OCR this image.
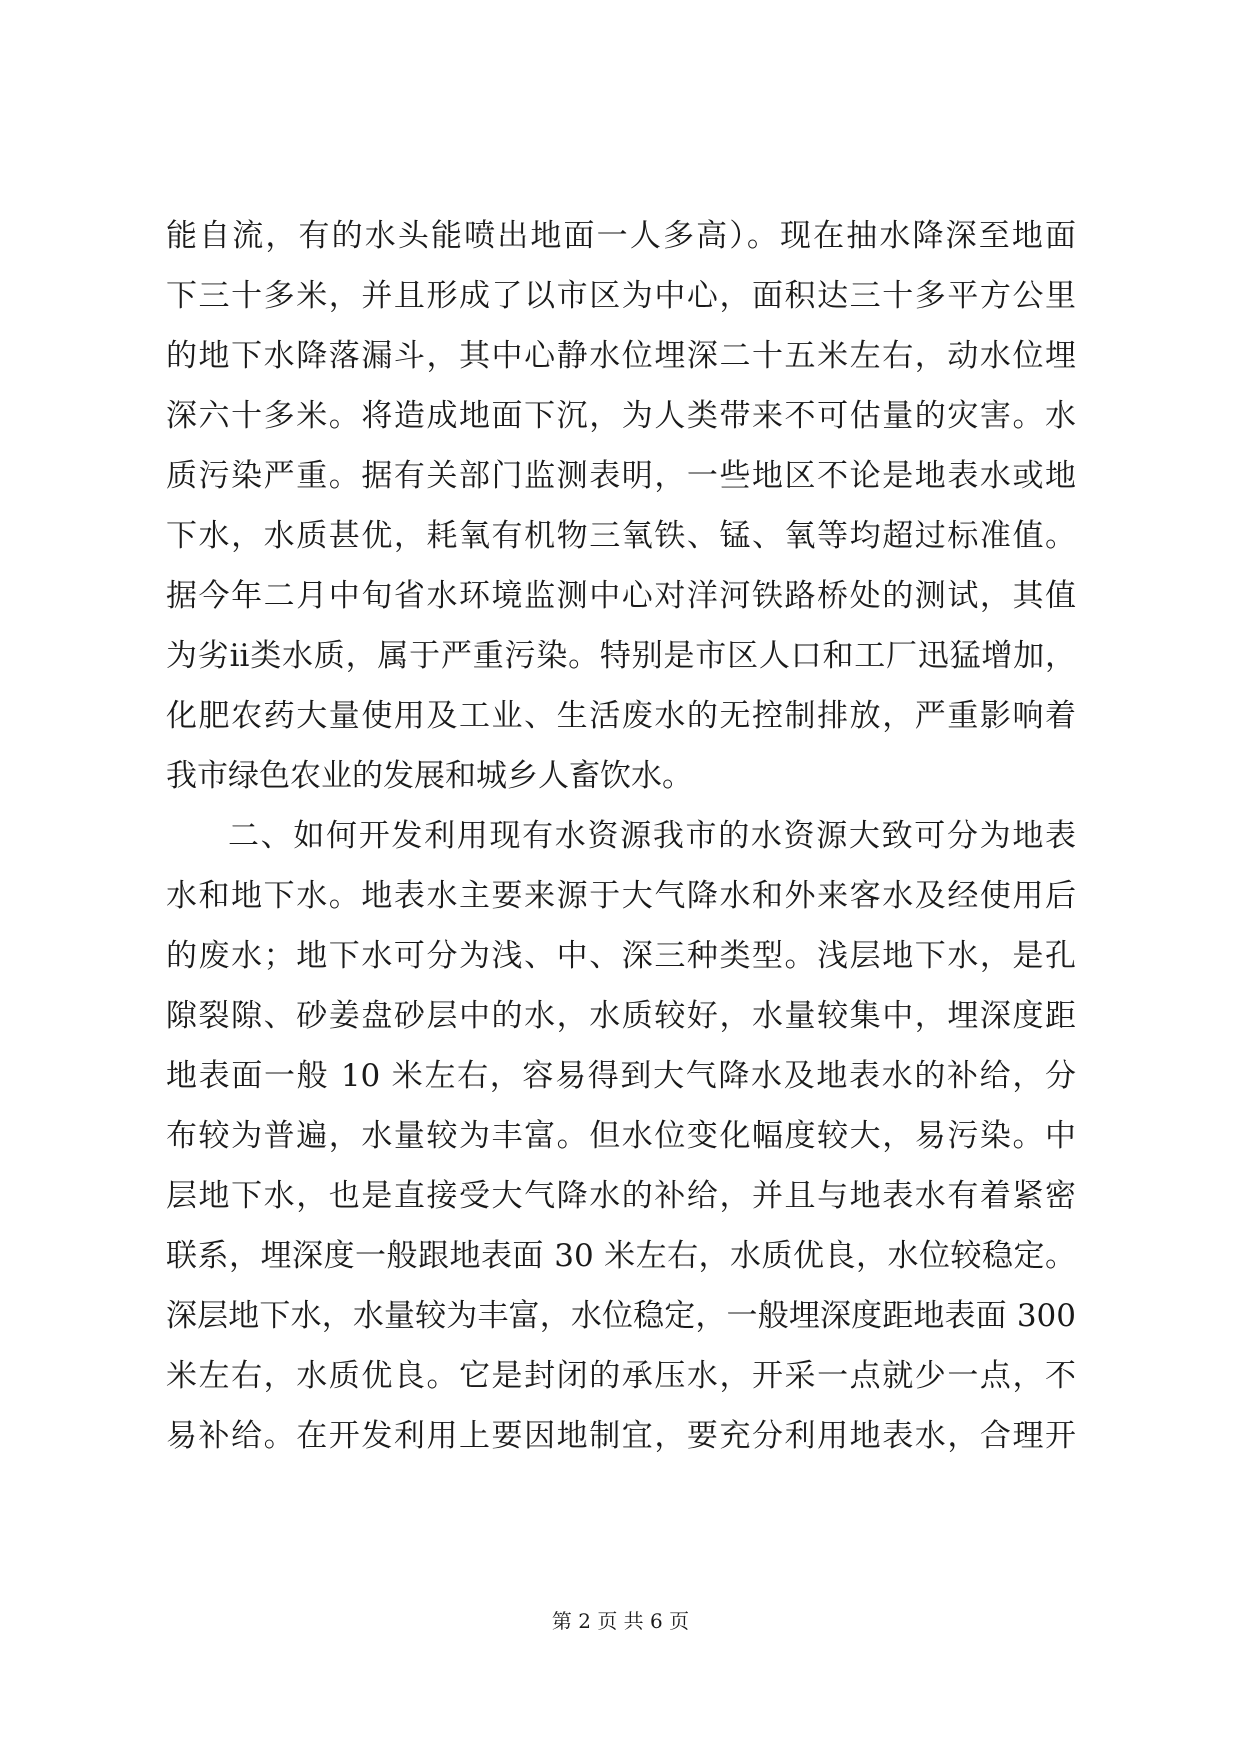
能自流，有的水头能喷出地面一人多高）。现在抽水降深至地面
下三十多米，并且形成了以市区为中心，面积达三十多平方公里
的地下水降落漏斗，其中心静水位埋深二十五米左右，动水位埋
深六十多米。将造成地面下沉，为人类带来不可估量的灾害。水
质污染严重。据有关部门监测表明，一些地区不论是地表水或地
下水，水质甚优，耗氧有机物三氧铁、锰、氧等均超过标准值。
据今年二月中旬省水环境监测中心对洋河铁路桥处的测试，其值
为劣ii类水质，属于严重污染。特别是市区人口和工厂迅猛增加，
化肥农药大量使用及工业、生活废水的无控制排放，严重影响着
我市绿色农业的发展和城乡人畜饮水。
二、如何开发利用现有水资源我市的水资源大致可分为地表
水和地下水。地表水主要来源于大气降水和外来客水及经使用后
的废水；地下水可分为浅、中、深三种类型。浅层地下水，是孔
隙裂隙、砂姜盘砂层中的水，水质较好，水量较集中，埋深度距
地表面一般 10 米左右，容易得到大气降水及地表水的补给，分
布较为普遍，水量较为丰富。但水位变化幅度较大，易污染。中
层地下水，也是直接受大气降水的补给，并且与地表水有着紧密
联系，埋深度一般跟地表面 30 米左右，水质优良，水位较稳定。
深层地下水，水量较为丰富，水位稳定，一般埋深度距地表面 300
米左右，水质优良。它是封闭的承压水，开采一点就少一点，不
易补给。在开发利用上要因地制宜，要充分利用地表水，合理开
第 2 页 共 6 页
